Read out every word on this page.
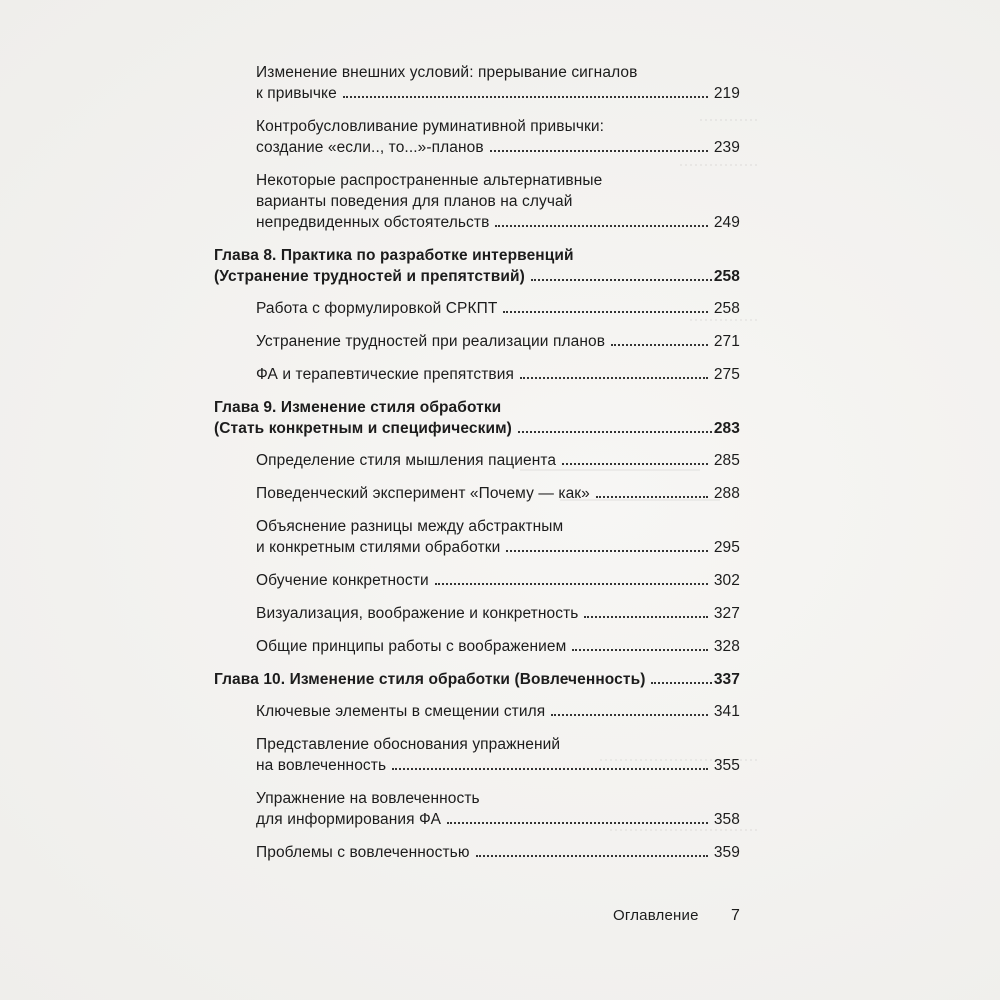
Изменение внешних условий: прерывание сигналов
к привычке	219
Контробусловливание руминативной привычки:
создание «если.., то...»-планов	239
Некоторые распространенные альтернативные
варианты поведения для планов на случай
непредвиденных обстоятельств	249
Глава 8. Практика по разработке интервенций
(Устранение трудностей и препятствий)	258
Работа с формулировкой СРКПТ	258
Устранение трудностей при реализации планов	271
ФА и терапевтические препятствия	275
Глава 9. Изменение стиля обработки
(Стать конкретным и специфическим)	283
Определение стиля мышления пациента	285
Поведенческий эксперимент «Почему — как»	288
Объяснение разницы между абстрактным
и конкретным стилями обработки	295
Обучение конкретности	302
Визуализация, воображение и конкретность	327
Общие принципы работы с воображением	328
Глава 10. Изменение стиля обработки (Вовлеченность)	337
Ключевые элементы в смещении стиля	341
Представление обоснования упражнений
на вовлеченность	355
Упражнение на вовлеченность
для информирования ФА	358
Проблемы с вовлеченностью	359
Оглавление 7
